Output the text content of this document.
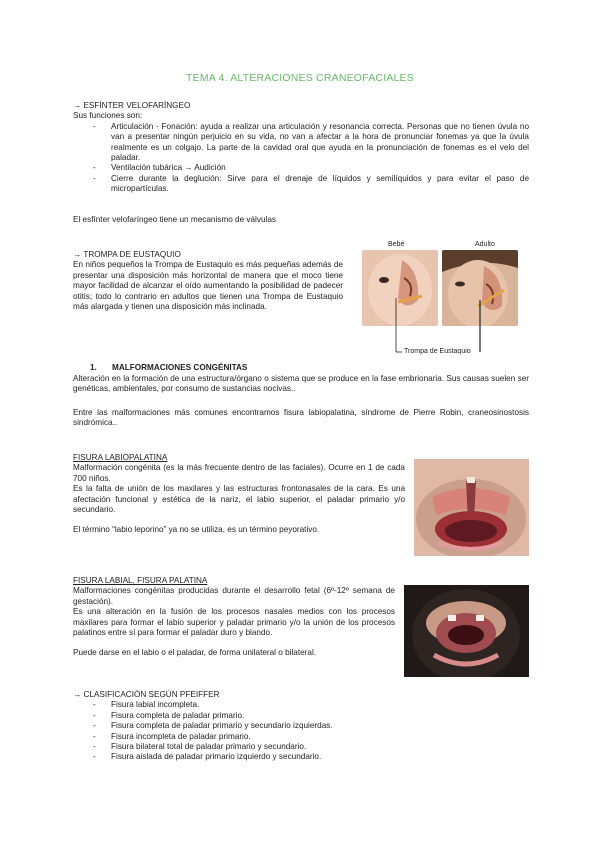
TEMA 4. ALTERACIONES CRANEOFACIALES

→ ESFÍNTER VELOFARÍNGEO

Sus funciones son:

- Articulación - Fonación: ayuda a realizar una articulación y resonancia correcta. Personas que no tienen úvula no van a presentar ningún perjuicio en su vida, no van a afectar a la hora de pronunciar fonemas ya que la úvula realmente es un colgajo. La parte de la cavidad oral que ayuda en la pronunciación de fonemas es el velo del paladar.
- Ventilación tubárica → Audición
- Cierre durante la deglución: Sirve para el drenaje de líquidos y semilíquidos y para evitar el paso de micropartículas.
El esfínter velofaríngeo tiene un mecanismo de válvulas

→ TROMPA DE EUSTAQUIO

En niños pequeños la Trompa de Eustaquio es más pequeñas además de presentar una disposición más horizontal de manera que el moco tiene mayor facilidad de alcanzar el oído aumentando la posibilidad de padecer otitis; todo lo contrario en adultos que tienen una Trompa de Eustaquio más alargada y tienen una disposición más inclinada.

Bebé	Adulto
Trompa de Eustaquio
1. MALFORMACIONES CONGÉNITAS
Alteración en la formación de una estructura/órgano o sistema que se produce en la fase embrionaria. Sus causas suelen ser genéticas, ambientales, por consumo de sustancias nocivas..
Entre las malformaciones más comunes encontramos fisura labiopalatina, síndrome de Pierre Robin, craneosinostosis sindrómica..

FISURA LABIOPALATINA

Malformación congénita (es la más frecuente dentro de las faciales). Ocurre en 1 de cada 700 niños.

Es la falta de unión de los maxilares y las estructuras frontonasales de la cara. Es una afectación funcional y estética de la nariz, el labio superior, el paladar primario y/o secundario.

El término “labio leporino” ya no se utiliza, es un término peyorativo.

FISURA LABIAL, FISURA PALATINA

Malformaciones congénitas producidas durante el desarrollo fetal (6º-12º semana de gestación).

Es una alteración en la fusión de los procesos nasales medios con los procesos maxilares para formar el labio superior y paladar primario y/o la unión de los procesos palatinos entre sí para formar el paladar duro y blando.

Puede darse en el labio o el paladar, de forma unilateral o bilateral.

→ CLASIFICACIÓN SEGÚN PFEIFFER

- Fisura labial incompleta.
- Fisura completa de paladar primario.
- Fisura completa de paladar primario y secundario izquierdas.
- Fisura incompleta de paladar primario.
- Fisura bilateral total de paladar primario y secundario.
- Fisura aislada de paladar primario izquierdo y secundario.
